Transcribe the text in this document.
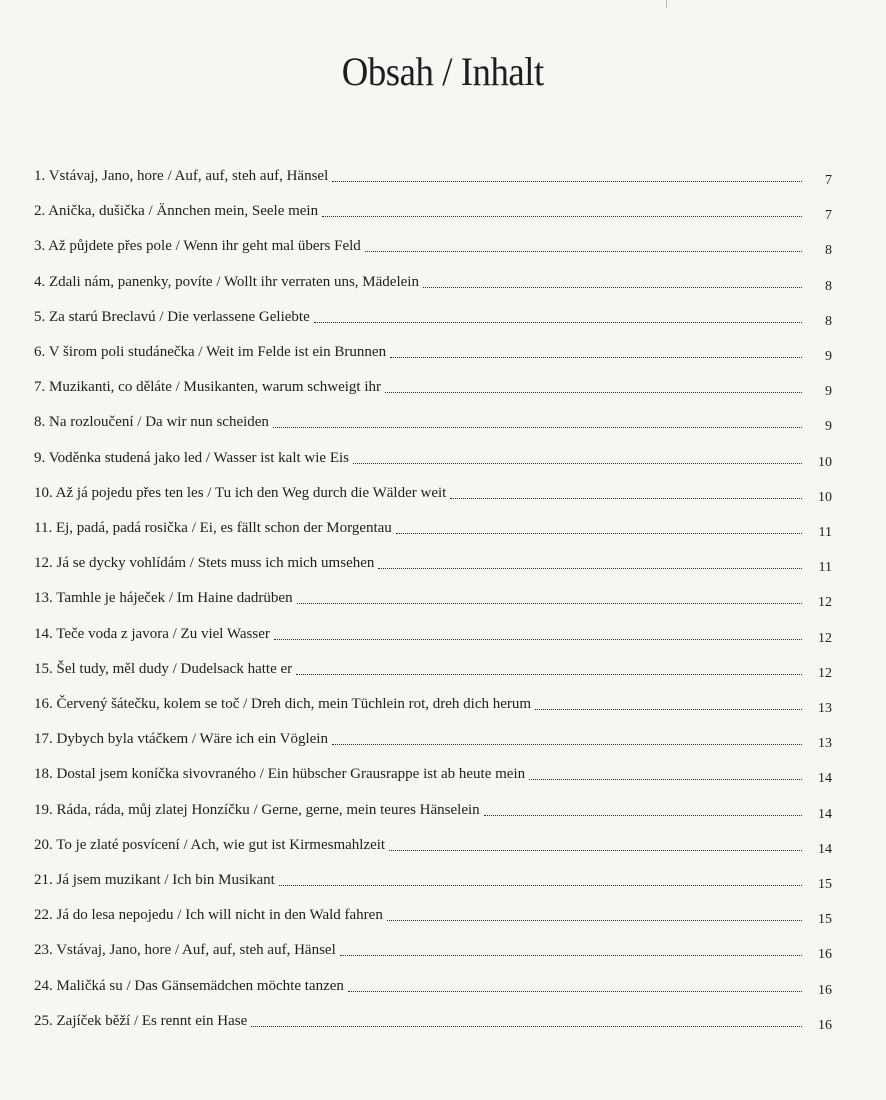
Obsah / Inhalt
1. Vstávaj, Jano, hore / Auf, auf, steh auf, Hänsel	7
2. Anička, dušička / Ännchen mein, Seele mein	7
3. Až půjdete přes pole / Wenn ihr geht mal übers Feld	8
4. Zdali nám, panenky, povíte / Wollt ihr verraten uns, Mädelein	8
5. Za starú Breclavú / Die verlassene Geliebte	8
6. V širom poli studánečka / Weit im Felde ist ein Brunnen	9
7. Muzikanti, co děláte / Musikanten, warum schweigt ihr	9
8. Na rozloučení / Da wir nun scheiden	9
9. Voděnka studená jako led / Wasser ist kalt wie Eis	10
10. Až já pojedu přes ten les / Tu ich den Weg durch die Wälder weit	10
11. Ej, padá, padá rosička / Ei, es fällt schon der Morgentau	11
12. Já se dycky vohlídám / Stets muss ich mich umsehen	11
13. Tamhle je háječek / Im Haine dadrüben	12
14. Teče voda z javora / Zu viel Wasser	12
15. Šel tudy, měl dudy / Dudelsack hatte er	12
16. Červený šátečku, kolem se toč / Dreh dich, mein Tüchlein rot, dreh dich herum	13
17. Dybych byla vtáčkem / Wäre ich ein Vöglein	13
18. Dostal jsem koníčka sivovraného / Ein hübscher Grausrappe ist ab heute mein	14
19. Ráda, ráda, můj zlatej Honzíčku / Gerne, gerne, mein teures Hänselein	14
20. To je zlaté posvícení / Ach, wie gut ist Kirmesmahlzeit	14
21. Já jsem muzikant / Ich bin Musikant	15
22. Já do lesa nepojedu / Ich will nicht in den Wald fahren	15
23. Vstávaj, Jano, hore / Auf, auf, steh auf, Hänsel	16
24. Maličká su / Das Gänsemädchen möchte tanzen	16
25. Zajíček běží / Es rennt ein Hase	16
